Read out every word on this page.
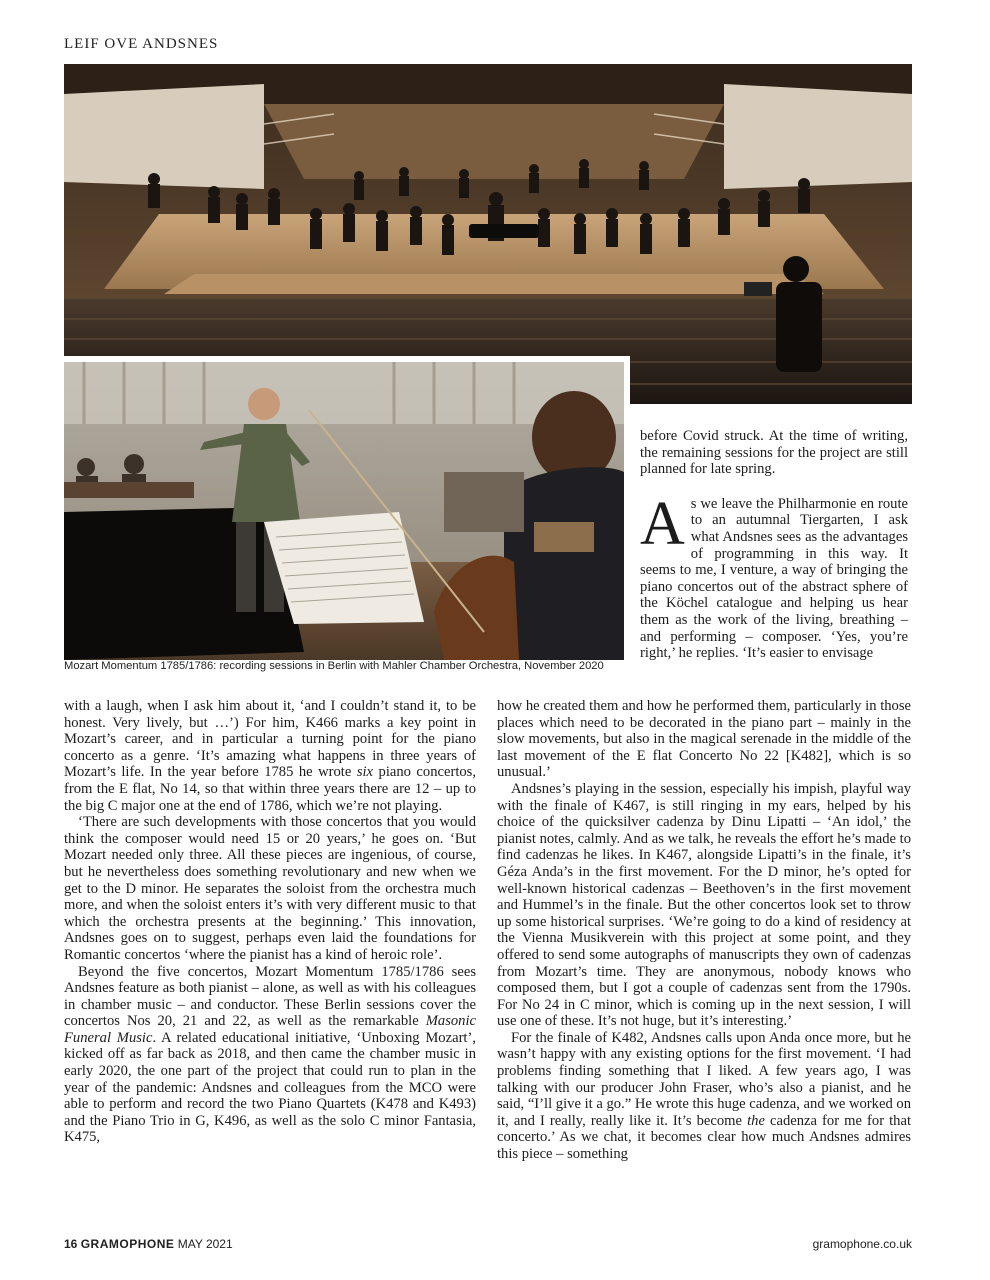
LEIF OVE ANDSNES
Mozart Momentum 1785/1786: recording sessions in Berlin with Mahler Chamber Orchestra, November 2020

before Covid struck. At the time of writing, the remaining sessions for the project are still planned for late spring.

A s we leave the Philharmonie en route to an autumnal Tiergarten, I ask what Andsnes sees as the advantages of programming in this way. It seems to me, I venture, a way of bringing the piano concertos out of the abstract sphere of the Köchel catalogue and helping us hear them as the work of the living, breathing – and performing – composer. ‘Yes, you’re right,’ he replies. ‘It’s easier to envisage

with a laugh, when I ask him about it, ‘and I couldn’t stand it, to be honest. Very lively, but …’) For him, K466 marks a key point in Mozart’s career, and in particular a turning point for the piano concerto as a genre. ‘It’s amazing what happens in three years of Mozart’s life. In the year before 1785 he wrote six piano concertos, from the E flat, No 14, so that within three years there are 12 – up to the big C major one at the end of 1786, which we’re not playing.

‘There are such developments with those concertos that you would think the composer would need 15 or 20 years,’ he goes on. ‘But Mozart needed only three. All these pieces are ingenious, of course, but he nevertheless does something revolutionary and new when we get to the D minor. He separates the soloist from the orchestra much more, and when the soloist enters it’s with very different music to that which the orchestra presents at the beginning.’ This innovation, Andsnes goes on to suggest, perhaps even laid the foundations for Romantic concertos ‘where the pianist has a kind of heroic role’.

Beyond the five concertos, Mozart Momentum 1785/1786 sees Andsnes feature as both pianist – alone, as well as with his colleagues in chamber music – and conductor. These Berlin sessions cover the concertos Nos 20, 21 and 22, as well as the remarkable Masonic Funeral Music. A related educational initiative, ‘Unboxing Mozart’, kicked off as far back as 2018, and then came the chamber music in early 2020, the one part of the project that could run to plan in the year of the pandemic: Andsnes and colleagues from the MCO were able to perform and record the two Piano Quartets (K478 and K493) and the Piano Trio in G, K496, as well as the solo C minor Fantasia, K475,

how he created them and how he performed them, particularly in those places which need to be decorated in the piano part – mainly in the slow movements, but also in the magical serenade in the middle of the last movement of the E flat Concerto No 22 [K482], which is so unusual.’

Andsnes’s playing in the session, especially his impish, playful way with the finale of K467, is still ringing in my ears, helped by his choice of the quicksilver cadenza by Dinu Lipatti – ‘An idol,’ the pianist notes, calmly. And as we talk, he reveals the effort he’s made to find cadenzas he likes. In K467, alongside Lipatti’s in the finale, it’s Géza Anda’s in the first movement. For the D minor, he’s opted for well-known historical cadenzas – Beethoven’s in the first movement and Hummel’s in the finale. But the other concertos look set to throw up some historical surprises. ‘We’re going to do a kind of residency at the Vienna Musikverein with this project at some point, and they offered to send some autographs of manuscripts they own of cadenzas from Mozart’s time. They are anonymous, nobody knows who composed them, but I got a couple of cadenzas sent from the 1790s. For No 24 in C minor, which is coming up in the next session, I will use one of these. It’s not huge, but it’s interesting.’

For the finale of K482, Andsnes calls upon Anda once more, but he wasn’t happy with any existing options for the first movement. ‘I had problems finding something that I liked. A few years ago, I was talking with our producer John Fraser, who’s also a pianist, and he said, “I’ll give it a go.” He wrote this huge cadenza, and we worked on it, and I really, really like it. It’s become the cadenza for me for that concerto.’ As we chat, it becomes clear how much Andsnes admires this piece – something

16 GRAMOPHONE MAY 2021	gramophone.co.uk
